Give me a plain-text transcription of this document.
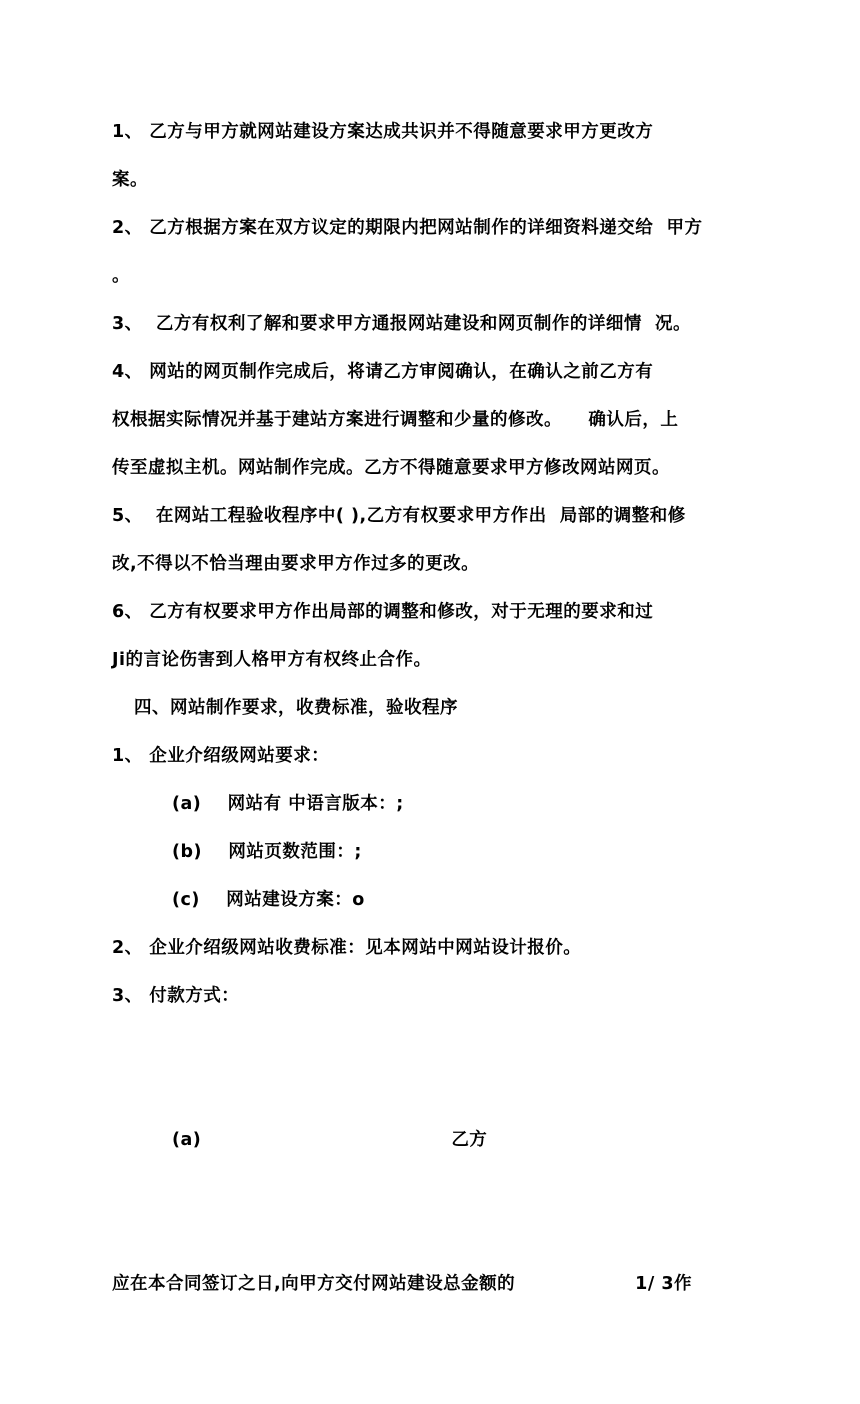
1、 乙方与甲方就网站建设方案达成共识并不得随意要求甲方更改方
案。
2、 乙方根据方案在双方议定的期限内把网站制作的详细资料递交给  甲方
。
3、  乙方有权利了解和要求甲方通报网站建设和网页制作的详细情  况。
4、 网站的网页制作完成后，将请乙方审阅确认，在确认之前乙方有
权根据实际情况并基于建站方案进行调整和少量的修改。    确认后，上
传至虚拟主机。网站制作完成。乙方不得随意要求甲方修改网站网页。
5、  在网站工程验收程序中( ),乙方有权要求甲方作出  局部的调整和修
改,不得以不恰当理由要求甲方作过多的更改。
6、 乙方有权要求甲方作出局部的调整和修改，对于无理的要求和过
Ji的言论伤害到人格甲方有权终止合作。
四、网站制作要求，收费标准，验收程序
1、 企业介绍级网站要求：
(a)    网站有 中语言版本：;
(b)    网站页数范围：;
(c)    网站建设方案：o
2、 企业介绍级网站收费标准：见本网站中网站设计报价。
3、 付款方式：

(a)	乙方

应在本合同签订之日,向甲方交付网站建设总金额的	1/ 3作
